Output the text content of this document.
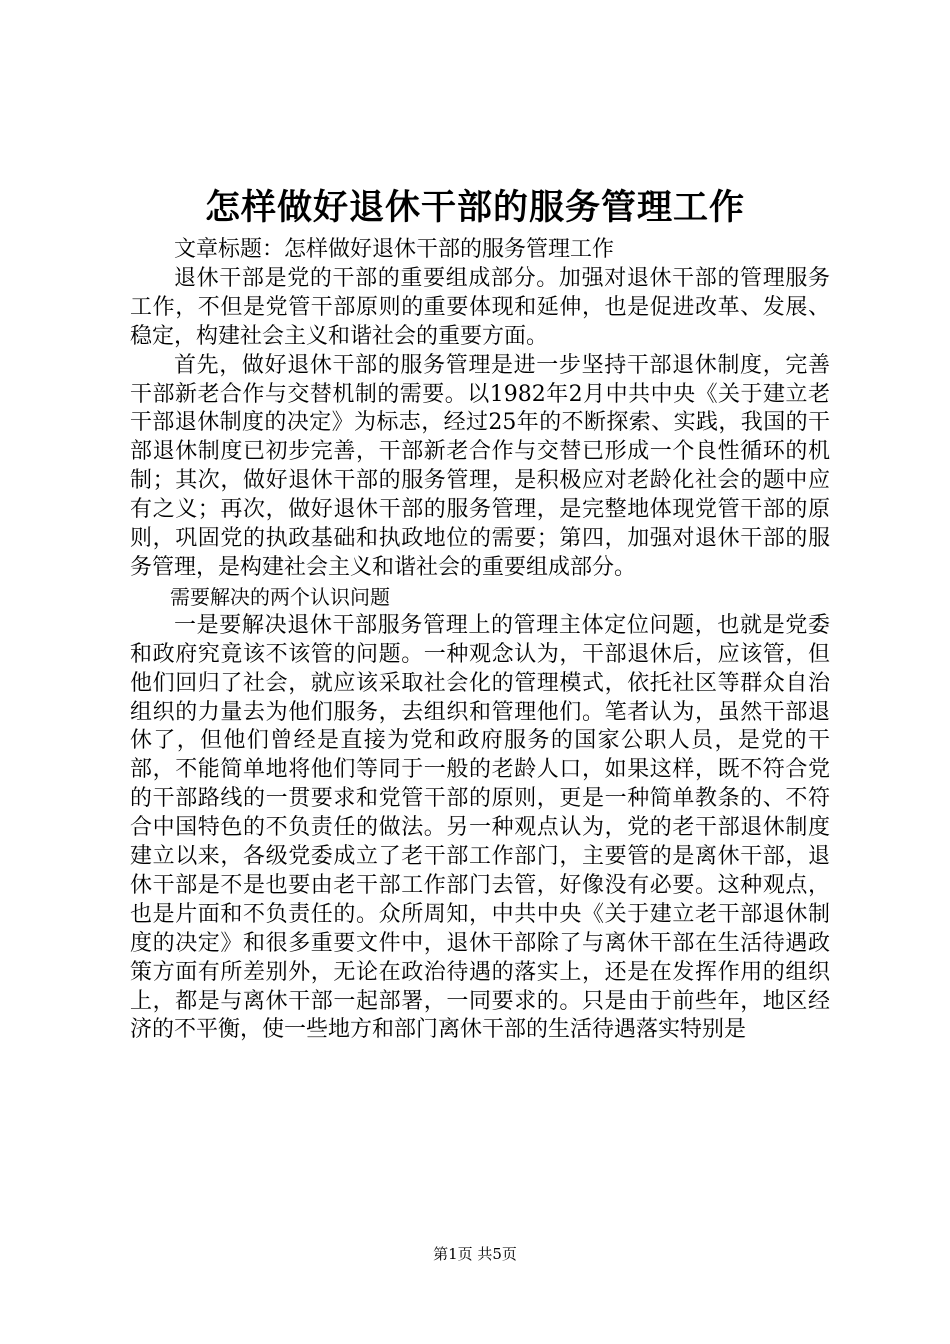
怎样做好退休干部的服务管理工作

文章标题：怎样做好退休干部的服务管理工作

退休干部是党的干部的重要组成部分。加强对退休干部的管理服务工作，不但是党管干部原则的重要体现和延伸，也是促进改革、发展、稳定，构建社会主义和谐社会的重要方面。

首先，做好退休干部的服务管理是进一步坚持干部退休制度，完善干部新老合作与交替机制的需要。以1982年2月中共中央《关于建立老干部退休制度的决定》为标志，经过25年的不断探索、实践，我国的干部退休制度已初步完善，干部新老合作与交替已形成一个良性循环的机制；其次，做好退休干部的服务管理，是积极应对老龄化社会的题中应有之义；再次，做好退休干部的服务管理，是完整地体现党管干部的原则，巩固党的执政基础和执政地位的需要；第四，加强对退休干部的服务管理，是构建社会主义和谐社会的重要组成部分。

需要解决的两个认识问题

一是要解决退休干部服务管理上的管理主体定位问题，也就是党委和政府究竟该不该管的问题。一种观念认为，干部退休后，应该管，但他们回归了社会，就应该采取社会化的管理模式，依托社区等群众自治组织的力量去为他们服务，去组织和管理他们。笔者认为，虽然干部退休了，但他们曾经是直接为党和政府服务的国家公职人员，是党的干部，不能简单地将他们等同于一般的老龄人口，如果这样，既不符合党的干部路线的一贯要求和党管干部的原则，更是一种简单教条的、不符合中国特色的不负责任的做法。另一种观点认为，党的老干部退休制度建立以来，各级党委成立了老干部工作部门，主要管的是离休干部，退休干部是不是也要由老干部工作部门去管，好像没有必要。这种观点，也是片面和不负责任的。众所周知，中共中央《关于建立老干部退休制度的决定》和很多重要文件中，退休干部除了与离休干部在生活待遇政策方面有所差别外，无论在政治待遇的落实上，还是在发挥作用的组织上，都是与离休干部一起部署，一同要求的。只是由于前些年，地区经济的不平衡，使一些地方和部门离休干部的生活待遇落实特别是

第1页 共5页
